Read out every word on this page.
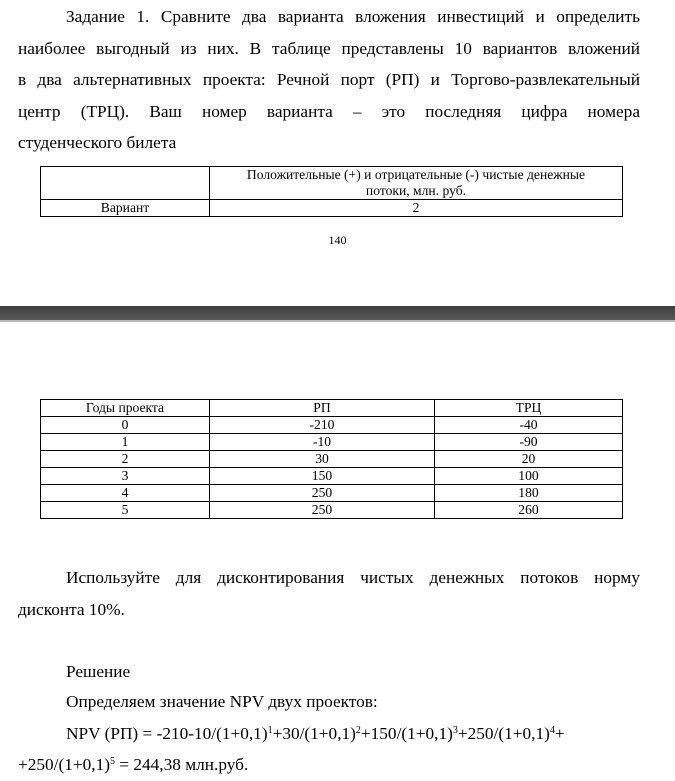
Задание 1. Сравните два варианта вложения инвестиций и определить
наиболее выгодный из них. В таблице представлены 10 вариантов вложений
в два альтернативных проекта: Речной порт (РП) и Торгово-развлекательный
центр (ТРЦ). Ваш номер варианта – это последняя цифра номера
студенческого билета

	Положительные (+) и отрицательные (-) чистые денежные
потоки, млн. руб.

Вариант	2
140
Годы проекта	РП	ТРЦ
0	-210	-40
1	-10	-90
2	30	20
3	150	100
4	250	180
5	250	260
Используйте для дисконтирования чистых денежных потоков норму
дисконта 10%.
Решение
Определяем значение NPV двух проектов:
NPV $(РП) = -210-10/(1+0,1)^1+30/(1+0,1)^2+150/(1+0,1)^3+250/(1+0,1)^4+$
$+250/(1+0,1)^5 = 244,38$ млн.руб.
